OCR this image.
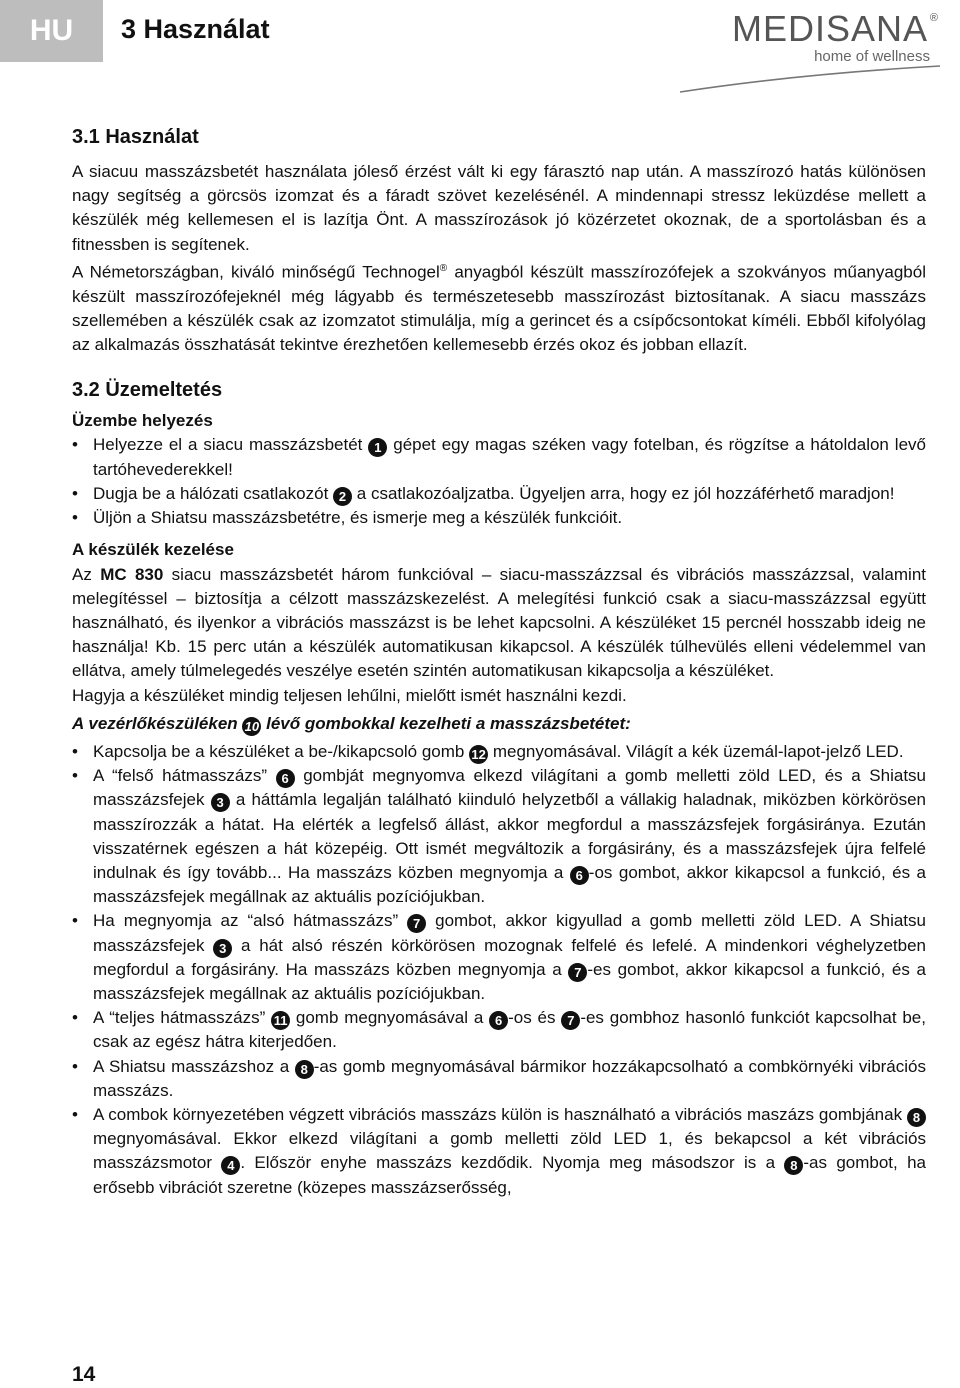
HU 3 Használat	MEDISANA ®
home of wellness
3.1 Használat

A siacuu masszázsbetét használata jóleső érzést vált ki egy fárasztó nap után. A masszírozó hatás különösen nagy segítség a görcsös izomzat és a fáradt szövet kezelésénél. A mindennapi stressz leküzdése mellett a készülék még kellemesen el is lazítja Önt. A masszírozások jó közérzetet okoznak, de a sportolásban és a fitnessben is segítenek.

A Németországban, kiváló minőségű Technogel® anyagból készült masszírozófejek a szokványos műanyagból készült masszírozófejeknél még lágyabb és természetesebb masszírozást biztosítanak. A siacu masszázs szellemében a készülék csak az izomzatot stimulálja, míg a gerincet és a csípőcsontokat kíméli. Ebből kifolyólag az alkalmazás összhatását tekintve érezhetően kellemesebb érzés okoz és jobban ellazít.

3.2 Üzemeltetés
Üzembe helyezés
• Helyezze el a siacu masszázsbetét 1 gépet egy magas széken vagy fotelban, és rögzítse a hátoldalon levő tartóhevederekkel!
• Dugja be a hálózati csatlakozót 2 a csatlakozóaljzatba. Ügyeljen arra, hogy ez jól hozzáférhető maradjon!
• Üljön a Shiatsu masszázsbetétre, és ismerje meg a készülék funkcióit.
A készülék kezelése

Az MC 830 siacu masszázsbetét három funkcióval – siacu-masszázzsal és vibrációs masszázzsal, valamint melegítéssel – biztosítja a célzott masszázskezelést. A melegítési funkció csak a siacu-masszázzsal együtt használható, és ilyenkor a vibrációs masszázst is be lehet kapcsolni. A készüléket 15 percnél hosszabb ideig ne használja! Kb. 15 perc után a készülék automatikusan kikapcsol. A készülék túlhevülés elleni védelemmel van ellátva, amely túlmelegedés veszélye esetén szintén automatikusan kikapcsolja a készüléket.

Hagyja a készüléket mindig teljesen lehűlni, mielőtt ismét használni kezdi.

A vezérlőkészüléken 10 lévő gombokkal kezelheti a masszázsbetétet:
• Kapcsolja be a készüléket a be-/kikapcsoló gomb 12 megnyomásával. Világít a kék üzemál-lapot-jelző LED.
• A “felső hátmasszázs” 6 gombját megnyomva elkezd világítani a gomb melletti zöld LED, és a Shiatsu masszázsfejek 3 a háttámla legalján található kiinduló helyzetből a vállakig haladnak, miközben körkörösen masszírozzák a hátat. Ha elérték a legfelső állást, akkor megfordul a masszázsfejek forgásiránya. Ezután visszatérnek egészen a hát közepéig. Ott ismét megváltozik a forgásirány, és a masszázsfejek újra felfelé indulnak és így tovább... Ha masszázs közben megnyomja a 6 -os gombot, akkor kikapcsol a funkció, és a masszázsfejek megállnak az aktuális pozíciójukban.
• Ha megnyomja az “alsó hátmasszázs” 7 gombot, akkor kigyullad a gomb melletti zöld LED. A Shiatsu masszázsfejek 3 a hát alsó részén körkörösen mozognak felfelé és lefelé. A mindenkori véghelyzetben megfordul a forgásirány. Ha masszázs közben megnyomja a 7 -es gombot, akkor kikapcsol a funkció, és a masszázsfejek megállnak az aktuális pozíciójukban.
• A “teljes hátmasszázs” 11 gomb megnyomásával a 6 -os és 7 -es gombhoz hasonló funkciót kapcsolhat be, csak az egész hátra kiterjedően.
• A Shiatsu masszázshoz a 8 -as gomb megnyomásával bármikor hozzákapcsolható a combkörnyéki vibrációs masszázs.
• A combok környezetében végzett vibrációs masszázs külön is használható a vibrációs maszázs gombjának 8 megnyomásával. Ekkor elkezd világítani a gomb melletti zöld LED 1, és bekapcsol a két vibrációs masszázsmotor 4 . Először enyhe masszázs kezdődik. Nyomja meg másodszor is a 8 -as gombot, ha erősebb vibrációt szeretne (közepes masszázserősség,
14
